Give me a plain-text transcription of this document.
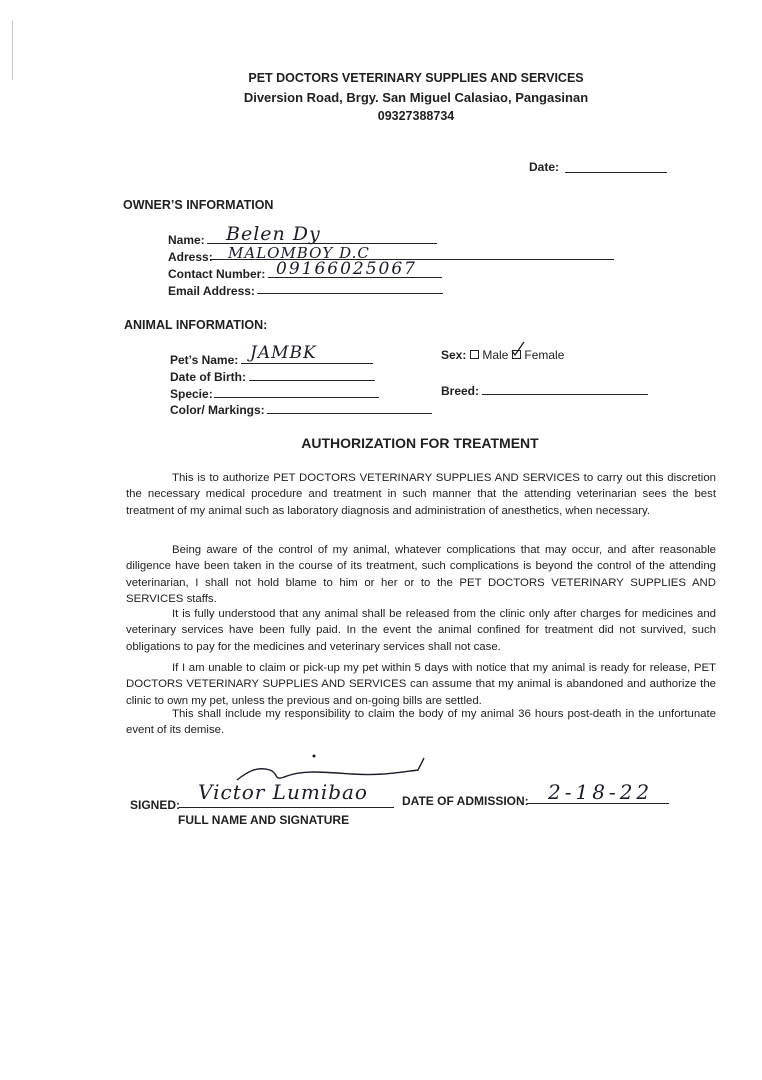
PET DOCTORS VETERINARY SUPPLIES AND SERVICES
Diversion Road, Brgy. San Miguel Calasiao, Pangasinan
09327388734
Date:
OWNER’S INFORMATION
Name: Belen Dy
Adress: MALOMBOY D.C
Contact Number: 09166025067
Email Address:
ANIMAL INFORMATION:
Pet’s Name: JAMBK
Date of Birth:
Specie:
Color/ Markings:
Sex: Male Female
Breed:
AUTHORIZATION FOR TREATMENT
This is to authorize PET DOCTORS VETERINARY SUPPLIES AND SERVICES to carry out this discretion the necessary medical procedure and treatment in such manner that the attending veterinarian sees the best treatment of my animal such as laboratory diagnosis and administration of anesthetics, when necessary.
Being aware of the control of my animal, whatever complications that may occur, and after reasonable diligence have been taken in the course of its treatment, such complications is beyond the control of the attending veterinarian, I shall not hold blame to him or her or to the PET DOCTORS VETERINARY SUPPLIES AND SERVICES staffs.
It is fully understood that any animal shall be released from the clinic only after charges for medicines and veterinary services have been fully paid. In the event the animal confined for treatment did not survived, such obligations to pay for the medicines and veterinary services shall not case.
If I am unable to claim or pick-up my pet within 5 days with notice that my animal is ready for release, PET DOCTORS VETERINARY SUPPLIES AND SERVICES can assume that my animal is abandoned and authorize the clinic to own my pet, unless the previous and on-going bills are settled.
This shall include my responsibility to claim the body of my animal 36 hours post-death in the unfortunate event of its demise.
SIGNED:
Victor Lumibao
FULL NAME AND SIGNATURE
DATE OF ADMISSION: 2-18-22
